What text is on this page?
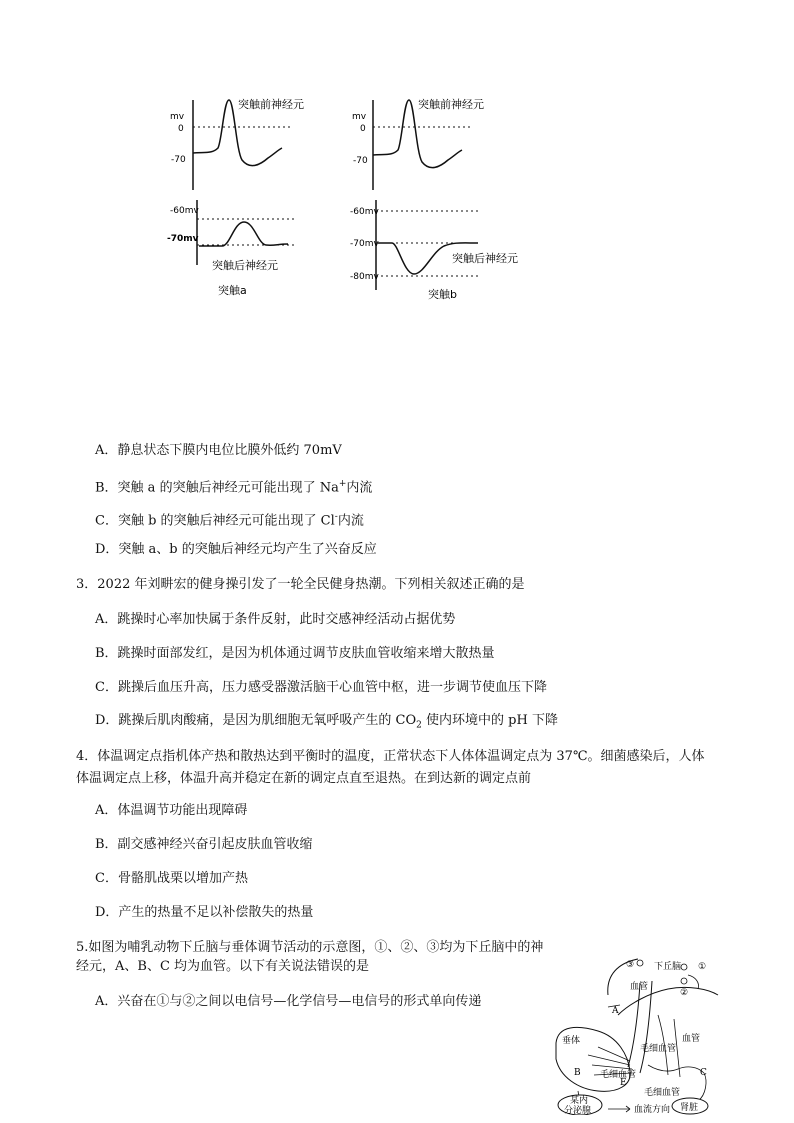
mv
0
-70
突触前神经元
mv
0
-70
突触前神经元
-60mv
-70mv
突触后神经元
突触a
-60mv
-70mv
-80mv
突触后神经元
突触b
A．静息状态下膜内电位比膜外低约 70mV
B．突触 a 的突触后神经元可能出现了 Na+内流
C．突触 b 的突触后神经元可能出现了 Cl-内流
D．突触 a、b 的突触后神经元均产生了兴奋反应
3．2022 年刘畊宏的健身操引发了一轮全民健身热潮。下列相关叙述正确的是
A．跳操时心率加快属于条件反射，此时交感神经活动占据优势
B．跳操时面部发红，是因为机体通过调节皮肤血管收缩来增大散热量
C．跳操后血压升高，压力感受器激活脑干心血管中枢，进一步调节使血压下降
D．跳操后肌肉酸痛，是因为肌细胞无氧呼吸产生的 $CO_2$ 使内环境中的 pH 下降
4．体温调定点指机体产热和散热达到平衡时的温度，正常状态下人体体温调定点为 37℃。细菌感染后，人体体温调定点上移，体温升高并稳定在新的调定点直至退热。在到达新的调定点前
A．体温调节功能出现障碍
B．副交感神经兴奋引起皮肤血管收缩
C．骨骼肌战栗以增加产热
D．产生的热量不足以补偿散失的热量
5.如图为哺乳动物下丘脑与垂体调节活动的示意图，①、②、③均为下丘脑中的神经元，A、B、C 均为血管。以下有关说法错误的是
A．兴奋在①与②之间以电信号—化学信号—电信号的形式单向传递
③ 下丘脑 ①
②
血管
A
血管
垂体
毛细血管
毛细血管
B
E
毛细血管
C
某内
分泌腺	血流方向 肾脏
